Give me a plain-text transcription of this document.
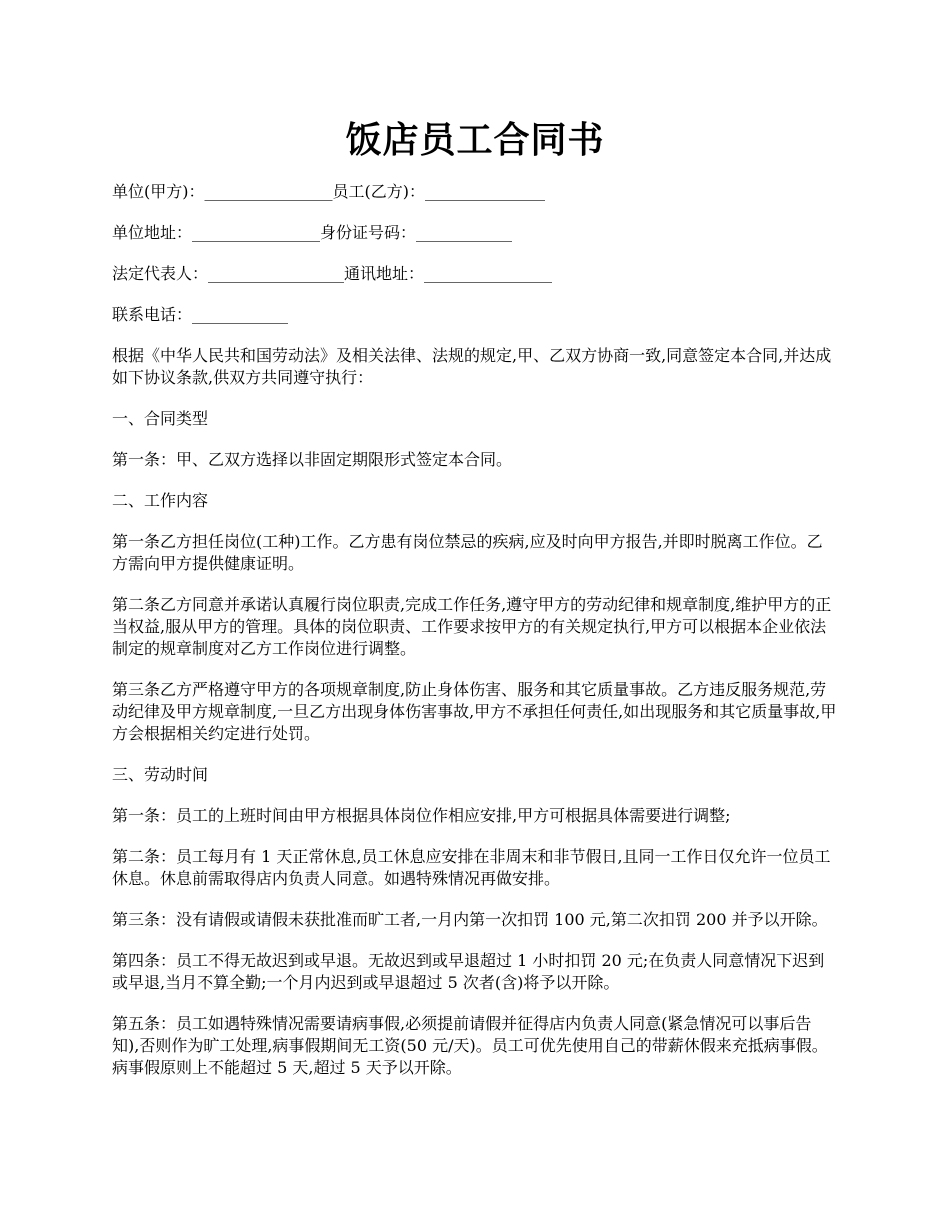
饭店员工合同书

单位(甲方)：________________员工(乙方)：_______________

单位地址：________________身份证号码：____________

法定代表人：_________________通讯地址：________________

联系电话：____________

根据《中华人民共和国劳动法》及相关法律、法规的规定,甲、乙双方协商一致,同意签定本合同,并达成如下协议条款,供双方共同遵守执行：

一、合同类型

第一条：甲、乙双方选择以非固定期限形式签定本合同。

二、工作内容

第一条乙方担任岗位(工种)工作。乙方患有岗位禁忌的疾病,应及时向甲方报告,并即时脱离工作位。乙方需向甲方提供健康证明。

第二条乙方同意并承诺认真履行岗位职责,完成工作任务,遵守甲方的劳动纪律和规章制度,维护甲方的正当权益,服从甲方的管理。具体的岗位职责、工作要求按甲方的有关规定执行,甲方可以根据本企业依法制定的规章制度对乙方工作岗位进行调整。

第三条乙方严格遵守甲方的各项规章制度,防止身体伤害、服务和其它质量事故。乙方违反服务规范,劳动纪律及甲方规章制度,一旦乙方出现身体伤害事故,甲方不承担任何责任,如出现服务和其它质量事故,甲方会根据相关约定进行处罚。

三、劳动时间

第一条：员工的上班时间由甲方根据具体岗位作相应安排,甲方可根据具体需要进行调整;

第二条：员工每月有 1 天正常休息,员工休息应安排在非周末和非节假日,且同一工作日仅允许一位员工休息。休息前需取得店内负责人同意。如遇特殊情况再做安排。

第三条：没有请假或请假未获批准而旷工者,一月内第一次扣罚 100 元,第二次扣罚 200 并予以开除。

第四条：员工不得无故迟到或早退。无故迟到或早退超过 1 小时扣罚 20 元;在负责人同意情况下迟到或早退,当月不算全勤;一个月内迟到或早退超过 5 次者(含)将予以开除。

第五条：员工如遇特殊情况需要请病事假,必须提前请假并征得店内负责人同意(紧急情况可以事后告知),否则作为旷工处理,病事假期间无工资(50 元/天)。员工可优先使用自己的带薪休假来充抵病事假。病事假原则上不能超过 5 天,超过 5 天予以开除。
